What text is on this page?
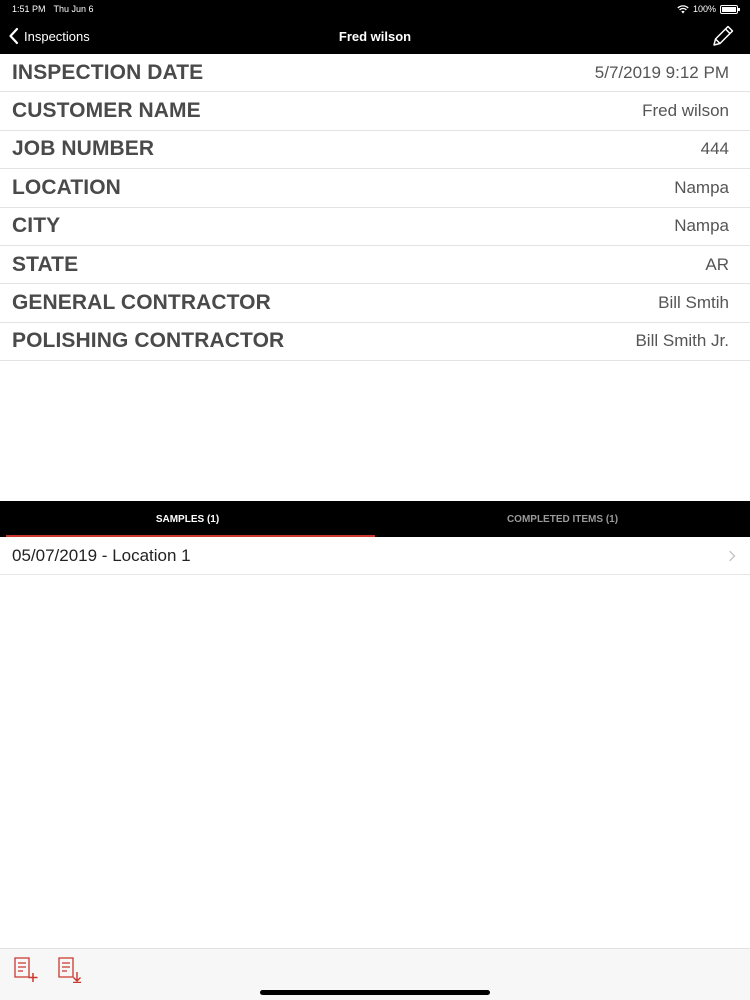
1:51 PM Thu Jun 6	100%
Inspections	Fred wilson
INSPECTION DATE	5/7/2019 9:12 PM
CUSTOMER NAME	Fred wilson
JOB NUMBER	444
LOCATION	Nampa
CITY	Nampa
STATE	AR
GENERAL CONTRACTOR	Bill Smtih
POLISHING CONTRACTOR	Bill Smith Jr.
SAMPLES (1)	COMPLETED ITEMS (1)
05/07/2019 - Location 1
